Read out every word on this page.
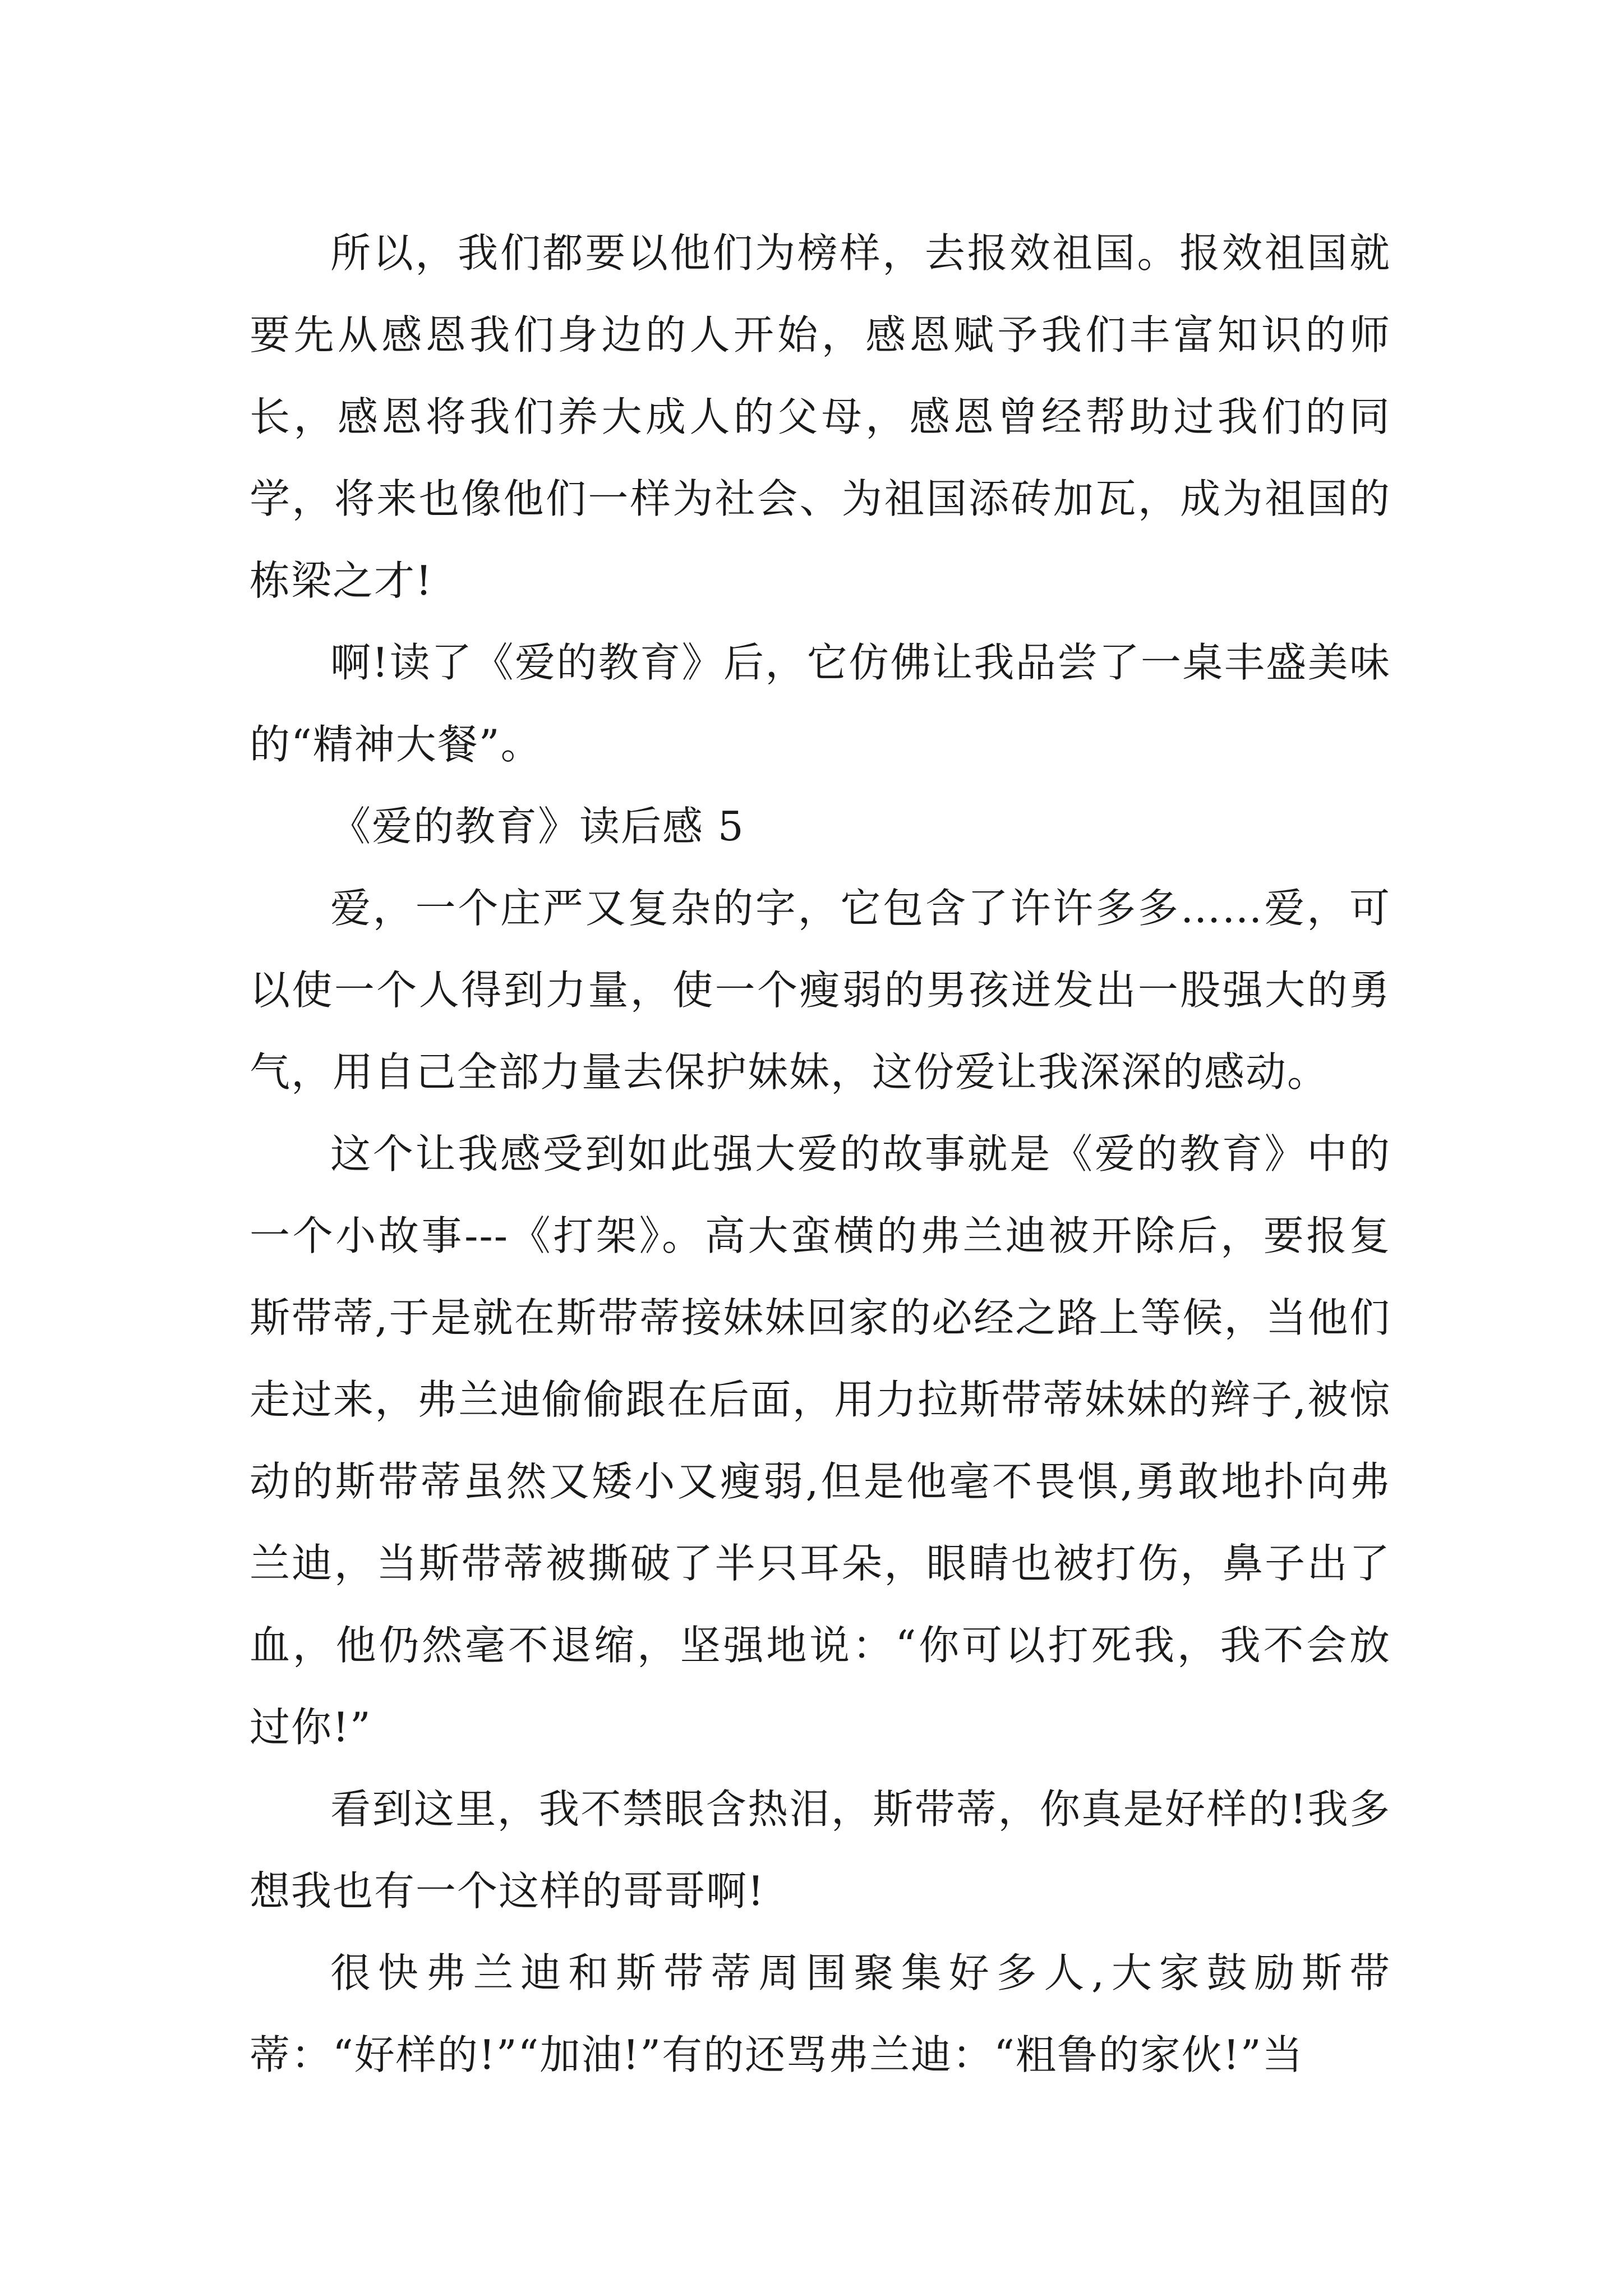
所以，我们都要以他们为榜样，去报效祖国。报效祖国就要先从感恩我们身边的人开始，感恩赋予我们丰富知识的师长，感恩将我们养大成人的父母，感恩曾经帮助过我们的同学，将来也像他们一样为社会、为祖国添砖加瓦，成为祖国的栋梁之才!

啊!读了《爱的教育》后，它仿佛让我品尝了一桌丰盛美味的“精神大餐”。

《爱的教育》读后感 5

爱，一个庄严又复杂的字，它包含了许许多多……爱，可以使一个人得到力量，使一个瘦弱的男孩迸发出一股强大的勇气，用自己全部力量去保护妹妹，这份爱让我深深的感动。

这个让我感受到如此强大爱的故事就是《爱的教育》中的一个小故事---《打架》。高大蛮横的弗兰迪被开除后，要报复斯带蒂,于是就在斯带蒂接妹妹回家的必经之路上等候，当他们走过来，弗兰迪偷偷跟在后面，用力拉斯带蒂妹妹的辫子,被惊动的斯带蒂虽然又矮小又瘦弱,但是他毫不畏惧,勇敢地扑向弗兰迪，当斯带蒂被撕破了半只耳朵，眼睛也被打伤，鼻子出了血，他仍然毫不退缩，坚强地说：“你可以打死我，我不会放过你!”

看到这里，我不禁眼含热泪，斯带蒂，你真是好样的!我多想我也有一个这样的哥哥啊!

很快弗兰迪和斯带蒂周围聚集好多人,大家鼓励斯带蒂：“好样的!”“加油!”有的还骂弗兰迪：“粗鲁的家伙!”当
